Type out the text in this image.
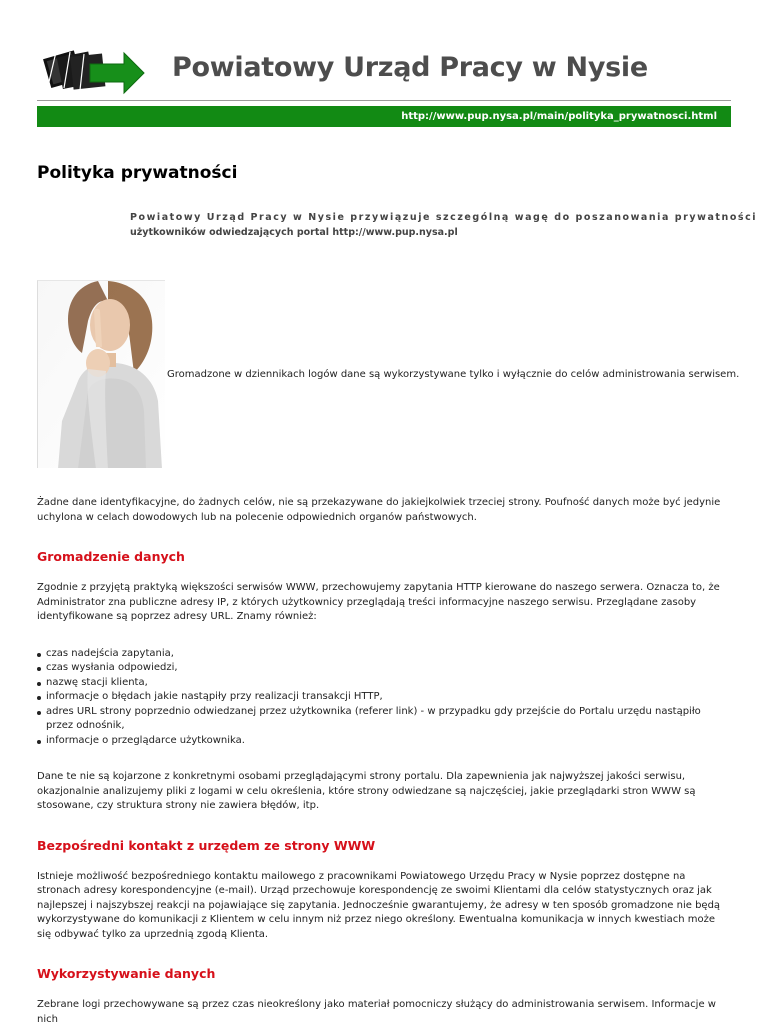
Powiatowy Urząd Pracy w Nysie
http://www.pup.nysa.pl/main/polityka_prywatnosci.html
Polityka prywatności
Powiatowy Urząd Pracy w Nysie przywiązuje szczególną wagę do poszanowania prywatności
użytkowników odwiedzających portal http://www.pup.nysa.pl
Gromadzone w dziennikach logów dane są wykorzystywane tylko i wyłącznie do celów administrowania serwisem.

Żadne dane identyfikacyjne, do żadnych celów, nie są przekazywane do jakiejkolwiek trzeciej strony. Poufność danych może być jedynie uchylona w celach dowodowych lub na polecenie odpowiednich organów państwowych.

Gromadzenie danych

Zgodnie z przyjętą praktyką większości serwisów WWW, przechowujemy zapytania HTTP kierowane do naszego serwera. Oznacza to, że Administrator zna publiczne adresy IP, z których użytkownicy przeglądają treści informacyjne naszego serwisu. Przeglądane zasoby identyfikowane są poprzez adresy URL. Znamy również:

czas nadejścia zapytania,
czas wysłania odpowiedzi,
nazwę stacji klienta,
informacje o błędach jakie nastąpiły przy realizacji transakcji HTTP,
adres URL strony poprzednio odwiedzanej przez użytkownika (referer link) - w przypadku gdy przejście do Portalu urzędu nastąpiło przez odnośnik,
informacje o przeglądarce użytkownika.

Dane te nie są kojarzone z konkretnymi osobami przeglądającymi strony portalu. Dla zapewnienia jak najwyższej jakości serwisu, okazjonalnie analizujemy pliki z logami w celu określenia, które strony odwiedzane są najczęściej, jakie przeglądarki stron WWW są stosowane, czy struktura strony nie zawiera błędów, itp.

Bezpośredni kontakt z urzędem ze strony WWW

Istnieje możliwość bezpośredniego kontaktu mailowego z pracownikami Powiatowego Urzędu Pracy w Nysie poprzez dostępne na stronach adresy korespondencyjne (e-mail). Urząd przechowuje korespondencję ze swoimi Klientami dla celów statystycznych oraz jak najlepszej i najszybszej reakcji na pojawiające się zapytania. Jednocześnie gwarantujemy, że adresy w ten sposób gromadzone nie będą wykorzystywane do komunikacji z Klientem w celu innym niż przez niego określony. Ewentualna komunikacja w innych kwestiach może się odbywać tylko za uprzednią zgodą Klienta.

Wykorzystywanie danych

Zebrane logi przechowywane są przez czas nieokreślony jako materiał pomocniczy służący do administrowania serwisem. Informacje w nich
